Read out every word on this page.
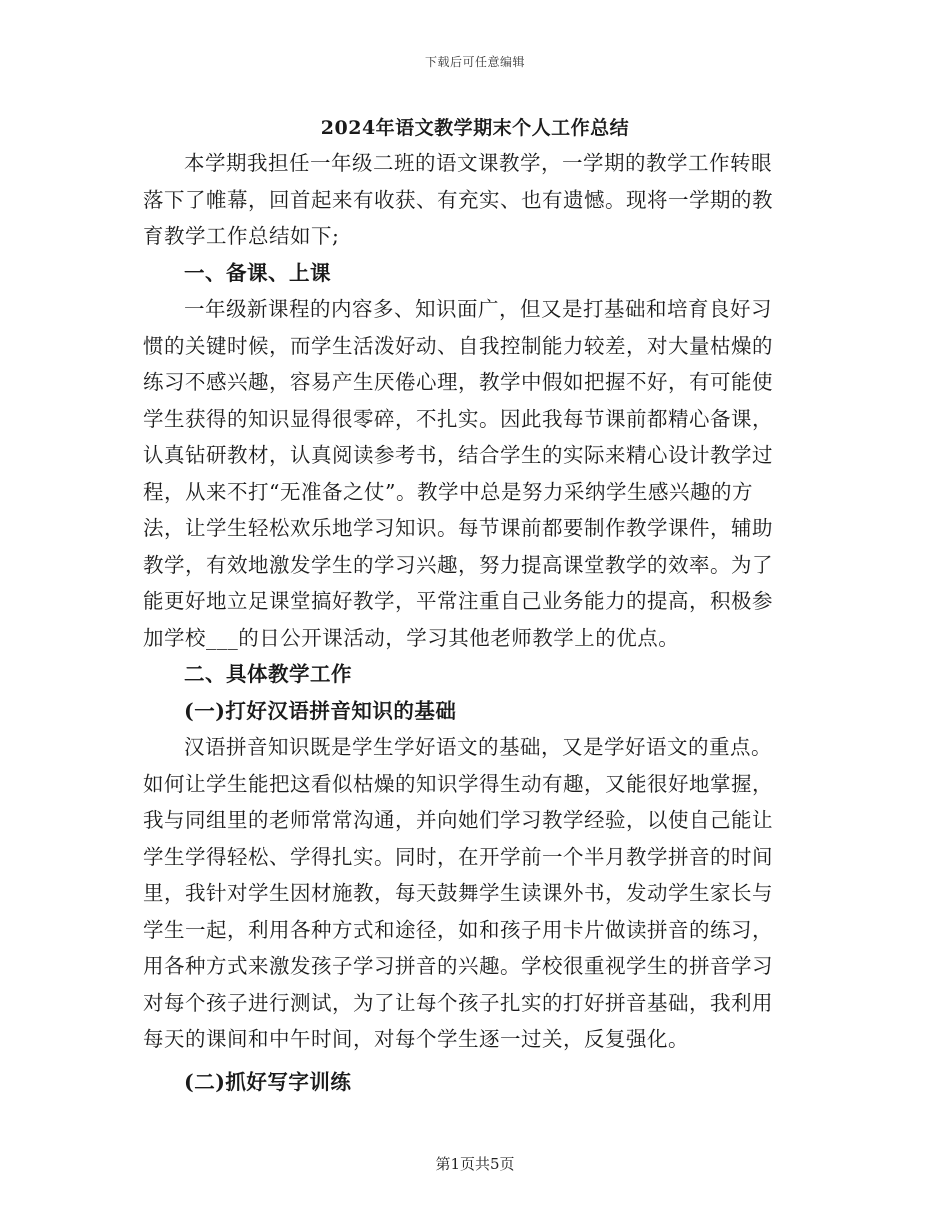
下载后可任意编辑
2024年语文教学期末个人工作总结
本学期我担任一年级二班的语文课教学，一学期的教学工作转眼
落下了帷幕，回首起来有收获、有充实、也有遗憾。现将一学期的教
育教学工作总结如下;
一、备课、上课
一年级新课程的内容多、知识面广，但又是打基础和培育良好习
惯的关键时候，而学生活泼好动、自我控制能力较差，对大量枯燥的
练习不感兴趣，容易产生厌倦心理，教学中假如把握不好，有可能使
学生获得的知识显得很零碎，不扎实。因此我每节课前都精心备课，
认真钻研教材，认真阅读参考书，结合学生的实际来精心设计教学过
程，从来不打“无准备之仗”。教学中总是努力采纳学生感兴趣的方
法，让学生轻松欢乐地学习知识。每节课前都要制作教学课件，辅助
教学，有效地激发学生的学习兴趣，努力提高课堂教学的效率。为了
能更好地立足课堂搞好教学，平常注重自己业务能力的提高，积极参
加学校___的日公开课活动，学习其他老师教学上的优点。
二、具体教学工作
(一)打好汉语拼音知识的基础
汉语拼音知识既是学生学好语文的基础，又是学好语文的重点。
如何让学生能把这看似枯燥的知识学得生动有趣，又能很好地掌握，
我与同组里的老师常常沟通，并向她们学习教学经验，以使自己能让
学生学得轻松、学得扎实。同时，在开学前一个半月教学拼音的时间
里，我针对学生因材施教，每天鼓舞学生读课外书，发动学生家长与
学生一起，利用各种方式和途径，如和孩子用卡片做读拼音的练习，
用各种方式来激发孩子学习拼音的兴趣。学校很重视学生的拼音学习
对每个孩子进行测试，为了让每个孩子扎实的打好拼音基础，我利用
每天的课间和中午时间，对每个学生逐一过关，反复强化。
(二)抓好写字训练
第1页共5页
